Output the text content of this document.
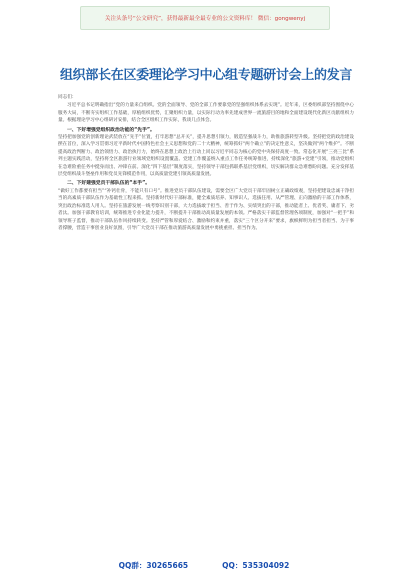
关注头条号“公文研究”，获得最新最全最专业的公文资料库！ 微信：gongwenyj
组织部长在区委理论学习中心组专题研讨会上的发言

同志们：

习近平总书记明确指出“党的力量来自组织。党的全面领导、党的全部工作要靠党的坚强组织体系去实现”。近年来，区委组织部坚持围绕中心服务大局，不断夯实组织工作基础，厚植组织优势，汇聚组织力量，以实际行动为率先建成世界一流旅游目的地和全面建设现代化新区贡献组织力量。根据理论学习中心组研讨安排，结合全区组织工作实际，我谈几点体会。

一、下好增强党组织政治功能的“先手”。
坚持把加强党的创新理论武装放在“先手”位置，打牢思想“总开关”，提升思想引领力，锻造坚强战斗力，助推旅游转型升级。坚持把党的政治建设摆在首位，深入学习贯彻习近平新时代中国特色社会主义思想和党的二十大精神，统筹抓好“两个确立”的决定性意义，坚决做到“两个维护”。不断提高政治判断力、政治领悟力、政治执行力，始终在思想上政治上行动上同以习近平同志为核心的党中央保持高度一致。常态化开展“三亮三比”系列主题实践活动，坚持将全区旅游行业领域党组织设置覆盖、党建工作覆盖纳入重点工作任务统筹推进，持续深化“旅游+党建”引领，推动党组织在急难险重任务中挺身而出、冲锋在前。深化“四下基层”制度落实，坚持领导干部包抓联系基层党组织，切实解决群众急难愁盼问题。充分发挥基层党组织战斗堡垒作用和党员先锋模范作用，以高质量党建引领高质量发展。

二、下好建强党员干部队伍的“本手”。
“做好工作都要有担当”“补钙壮骨，不能只有口号”。推进党员干部队伍建设，需要全区广大党员干部牢固树立正确政绩观，坚持把建设忠诚干净担当的高素质干部队伍作为基础性工程来抓。坚持新时代好干部标准，健全素质培养、知事识人、选拔任用、从严管理、正向激励的干部工作体系，突出政治标准选人用人。坚持在旅游发展一线考察识别干部，大力选拔敢于担当、善于作为、实绩突出的干部，推动能者上、优者奖、庸者下、劣者汰。加强干部教育培训，统筹推进专业化能力提升，不断提升干部推动高质量发展的本领。严格落实干部监督管理各项制度，加强对“一把手”和领导班子监督，推动干部队伍作风持续转变。坚持严管和厚爱结合、激励和约束并重，落实“三个区分开来”要求，旗帜鲜明为担当者担当、为干事者撑腰，营造干事创业良好氛围，引导广大党员干部在推动旅游高质量发展中勇挑重担、担当作为。

QQ群：30265665	QQ：535304092
